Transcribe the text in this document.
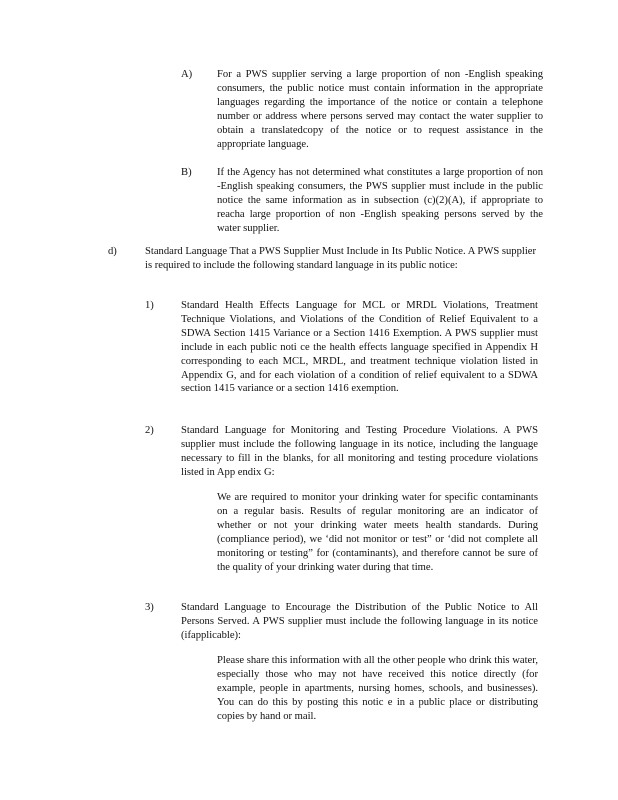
A) For a PWS supplier serving a large proportion of non -English speaking consumers, the public notice must contain information in the appropriate languages regarding the importance of the notice or contain a telephone number or address where persons served may contact the water supplier to obtain a translatedcopy of the notice or to request assistance in the appropriate language.
B) If the Agency has not determined what constitutes a large proportion of non -English speaking consumers, the PWS supplier must include in the public notice the same information as in subsection (c)(2)(A), if appropriate to reacha large proportion of non -English speaking persons served by the water supplier.
d)	Standard Language That a PWS Supplier Must Include in Its Public Notice. A PWS supplier is required to include the following standard language in its public notice:
1)	Standard Health Effects Language for MCL or MRDL Violations, Treatment Technique Violations, and Violations of the Condition of Relief Equivalent to a SDWA Section 1415 Variance or a Section 1416 Exemption. A PWS supplier must include in each public noti ce the health effects language specified in Appendix H corresponding to each MCL, MRDL, and treatment technique violation listed in Appendix G, and for each violation of a condition of relief equivalent to a SDWA section 1415 variance or a section 1416 exemption.
2)	Standard Language for Monitoring and Testing Procedure Violations. A PWS supplier must include the following language in its notice, including the language necessary to fill in the blanks, for all monitoring and testing procedure violations listed in App endix G:
We are required to monitor your drinking water for specific contaminants on a regular basis. Results of regular monitoring are an indicator of whether or not your drinking water meets health standards. During (compliance period), we ‘did not monitor or test” or ‘did not complete all monitoring or testing” for (contaminants), and therefore cannot be sure of the quality of your drinking water during that time.
3)	Standard Language to Encourage the Distribution of the Public Notice to All Persons Served. A PWS supplier must include the following language in its notice (ifapplicable):
Please share this information with all the other people who drink this water, especially those who may not have received this notice directly (for example, people in apartments, nursing homes, schools, and businesses). You can do this by posting this notic e in a public place or distributing copies by hand or mail.
